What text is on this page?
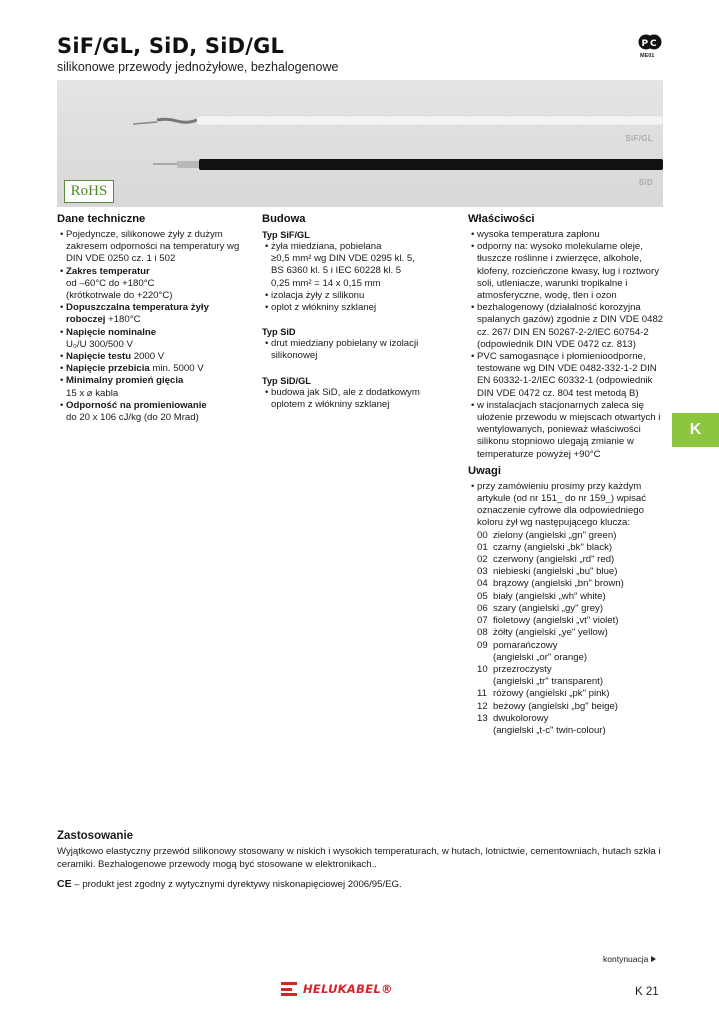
SiF/GL, SiD, SiD/GL
silikonowe przewody jednożyłowe, bezhalogenowe
P C
ME01
SiF/GL
SiD
RoHS
Dane techniczne
• Pojedyncze, silikonowe żyły z dużym zakresem odporności na temperatury wg DIN VDE 0250 cz. 1 i 502
• Zakres temperatur
od –60°C do +180°C
(krótkotrwale do +220°C)
• Dopuszczalna temperatura żyły roboczej +180°C
• Napięcie nominalne
U₀/U 300/500 V
• Napięcie testu 2000 V
• Napięcie przebicia min. 5000 V
• Minimalny promień gięcia
15 x ⌀ kabla
• Odporność na promieniowanie
do 20 x 106 cJ/kg (do 20 Mrad)
Budowa
Typ SiF/GL
• żyła miedziana, pobielana
≥0,5 mm² wg DIN VDE 0295 kl. 5,
BS 6360 kl. 5 i IEC 60228 kl. 5
0,25 mm² = 14 x 0,15 mm
• izolacja żyły z silikonu
• oplot z włókniny szklanej
Typ SiD
• drut miedziany pobielany w izolacji silikonowej
Typ SiD/GL
• budowa jak SiD, ale z dodatkowym oplotem z włókniny szklanej
Właściwości
• wysoka temperatura zapłonu
• odporny na: wysoko molekularne oleje, tłuszcze roślinne i zwierzęce, alkohole, klofeny, rozcieńczone kwasy, ług i roztwory soli, utleniacze, warunki tropikalne i atmosferyczne, wodę, tlen i ozon
• bezhalogenowy (działalność korozyjna spalanych gazów) zgodnie z DIN VDE 0482 cz. 267/ DIN EN 50267-2-2/IEC 60754-2 (odpowiednik DIN VDE 0472 cz. 813)
• PVC samogasnące i płomienioodporne, testowane wg DIN VDE 0482-332-1-2 DIN EN 60332-1-2/IEC 60332-1 (odpowiednik DIN VDE 0472 cz. 804 test metodą B)
• w instalacjach stacjonarnych zaleca się ułożenie przewodu w miejscach otwartych i wentylowanych, ponieważ właściwości silikonu stopniowo ulegają zmianie w temperaturze powyżej +90°C
Uwagi
• przy zamówieniu prosimy przy każdym artykule (od nr 151_ do nr 159_) wpisać oznaczenie cyfrowe dla odpowiedniego koloru żył wg następującego klucza:
00 zielony (angielski „gn" green)
01 czarny (angielski „bk" black)
02 czerwony (angielski „rd" red)
03 niebieski (angielski „bu" blue)
04 brązowy (angielski „bn" brown)
05 biały (angielski „wh" white)
06 szary (angielski „gy" grey)
07 fioletowy (angielski „vt" violet)
08 żółty (angielski „ye" yellow)
09 pomarańczowy
(angielski „or" orange)
10 przezroczysty
(angielski „tr" transparent)
11 różowy (angielski „pk" pink)
12 beżowy (angielski „bg" beige)
13 dwukolorowy
(angielski „t-c" twin-colour)
K
Zastosowanie
Wyjątkowo elastyczny przewód silikonowy stosowany w niskich i wysokich temperaturach, w hutach, lotnictwie, cementowniach, hutach szkła i ceramiki. Bezhalogenowe przewody mogą być stosowane w elektronikach..
CE – produkt jest zgodny z wytycznymi dyrektywy niskonapięciowej 2006/95/EG.
kontynuacja
HELUKABEL®	K 21
